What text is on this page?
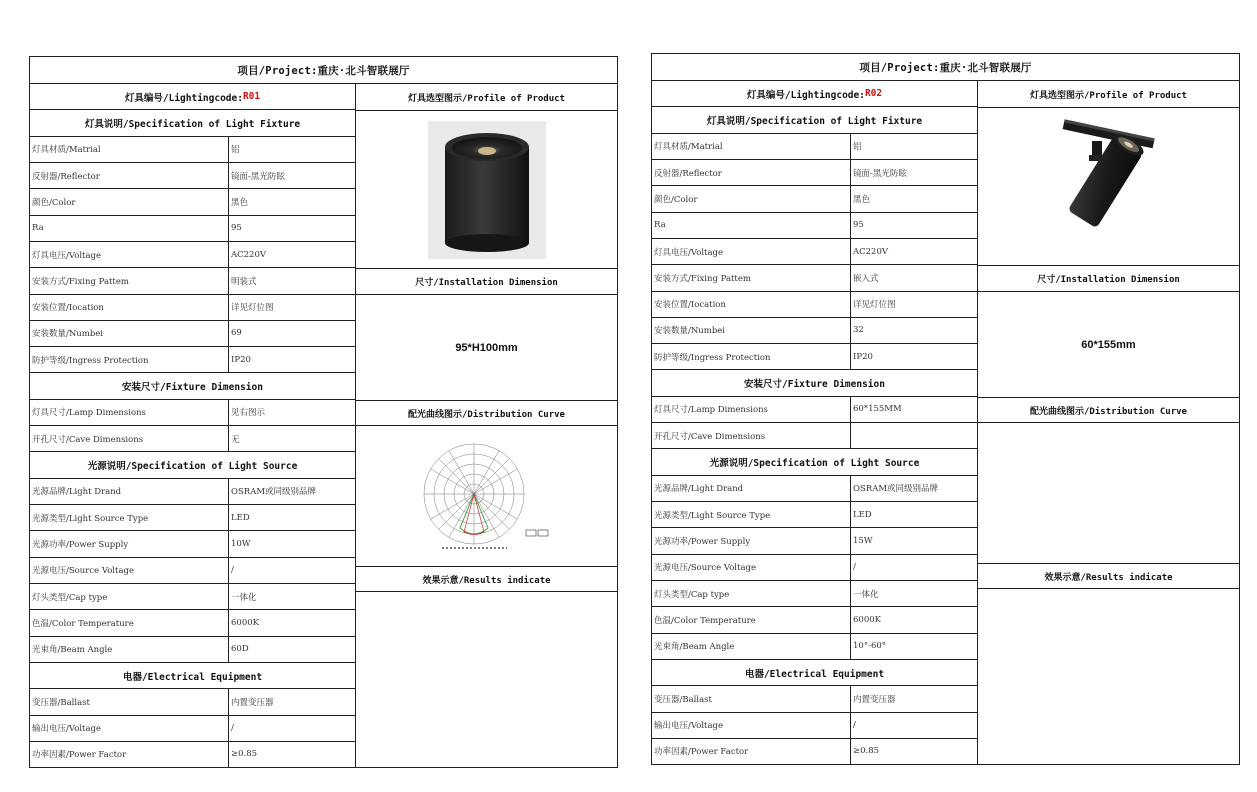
项目/Project: 重庆·北斗智联展厅
灯具编号/Lightingcode: R01
灯具说明/Specification of Light Fixture
灯具材质/Matrial	铝
反射器/Reflector	镜面-黑光防眩
颜色/Color	黑色
Ra	95
灯具电压/Voltage	AC220V
安装方式/Fixing Pattem	明装式
安装位置/Iocation	详见灯位图
安装数量/Numbei	69
防护等级/Ingress Protection	IP20
安装尺寸/Fixture Dimension
灯具尺寸/Lamp Dimensions	见右图示
开孔尺寸/Cave Dimensions	无
光源说明/Specification of Light Source
光源品牌/Light Drand	OSRAM或同级别品牌
光源类型/Light Source Type	LED
光源功率/Power Supply	10W
光源电压/Source Voltage	/
灯头类型/Cap type	一体化
色温/Color Temperature	6000K
光束角/Beam Angle	60D
电器/Electrical Equipment
变压器/Ballast	内置变压器
输出电压/Voltage	/
功率因素/Power Factor	≥0.85
灯具选型图示/Profile of Product
尺寸/Installation Dimension
95*H100mm
配光曲线图示/Distribution Curve
效果示意/Results indicate
项目/Project: 重庆·北斗智联展厅
灯具编号/Lightingcode: R02
灯具说明/Specification of Light Fixture
灯具材质/Matrial	铝
反射器/Reflector	镜面-黑光防眩
颜色/Color	黑色
Ra	95
灯具电压/Voltage	AC220V
安装方式/Fixing Pattem	嵌入式
安装位置/Iocation	详见灯位图
安装数量/Numbei	32
防护等级/Ingress Protection	IP20
安装尺寸/Fixture Dimension
灯具尺寸/Lamp Dimensions	60*155MM
开孔尺寸/Cave Dimensions
光源说明/Specification of Light Source
光源品牌/Light Drand	OSRAM或同级别品牌
光源类型/Light Source Type	LED
光源功率/Power Supply	15W
光源电压/Source Voltage	/
灯头类型/Cap type	一体化
色温/Color Temperature	6000K
光束角/Beam Angle	10°-60°
电器/Electrical Equipment
变压器/Ballast	内置变压器
输出电压/Voltage	/
功率因素/Power Factor	≥0.85
灯具选型图示/Profile of Product
尺寸/Installation Dimension
60*155mm
配光曲线图示/Distribution Curve
效果示意/Results indicate
